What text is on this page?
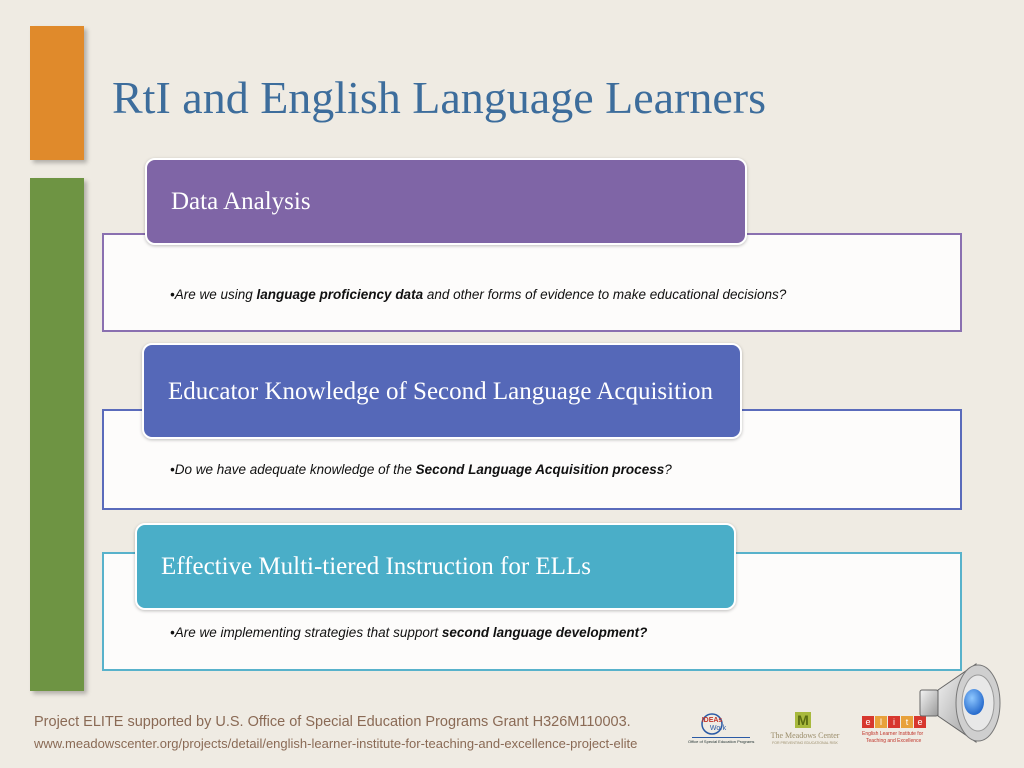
RtI and English Language Learners
•Are we using language proficiency data and other forms of evidence to make educational decisions?
Data Analysis
•Do we have adequate knowledge of the Second Language Acquisition process?
Educator Knowledge of Second Language Acquisition
•Are we implementing strategies that support second language development?
Effective Multi-tiered Instruction for ELLs
Project ELITE supported by U.S. Office of Special Education Programs Grant H326M110003.
www.meadowscenter.org/projects/detail/english-learner-institute-for-teaching-and-excellence-project-elite
IDEAs
Work
Office of Special Education Programs
M
The Meadows Center
FOR PREVENTING EDUCATIONAL RISK
e	l	i	t	e
English Learner Institute for
Teaching and Excellence
